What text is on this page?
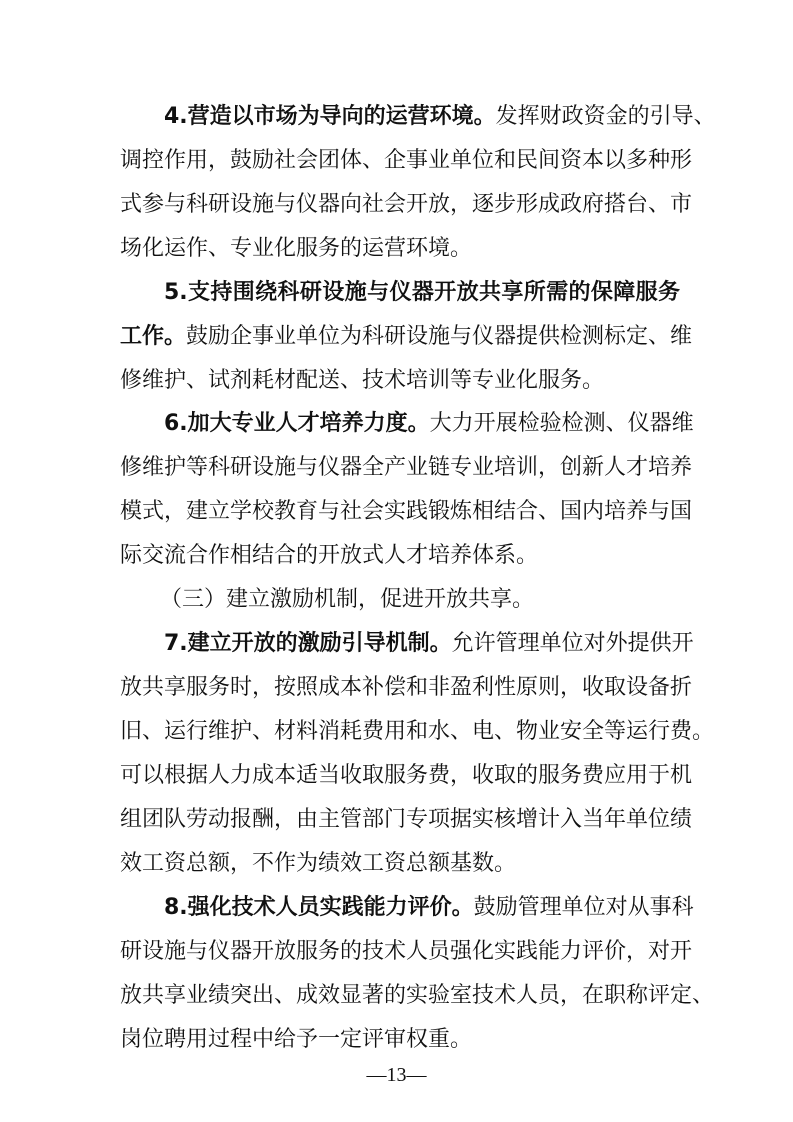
4.营造以市场为导向的运营环境。发挥财政资金的引导、
调控作用，鼓励社会团体、企事业单位和民间资本以多种形
式参与科研设施与仪器向社会开放，逐步形成政府搭台、市
场化运作、专业化服务的运营环境。
5.支持围绕科研设施与仪器开放共享所需的保障服务
工作。鼓励企事业单位为科研设施与仪器提供检测标定、维
修维护、试剂耗材配送、技术培训等专业化服务。
6.加大专业人才培养力度。大力开展检验检测、仪器维
修维护等科研设施与仪器全产业链专业培训，创新人才培养
模式，建立学校教育与社会实践锻炼相结合、国内培养与国
际交流合作相结合的开放式人才培养体系。
（三）建立激励机制，促进开放共享。
7.建立开放的激励引导机制。允许管理单位对外提供开
放共享服务时，按照成本补偿和非盈利性原则，收取设备折
旧、运行维护、材料消耗费用和水、电、物业安全等运行费。
可以根据人力成本适当收取服务费，收取的服务费应用于机
组团队劳动报酬，由主管部门专项据实核增计入当年单位绩
效工资总额，不作为绩效工资总额基数。
8.强化技术人员实践能力评价。鼓励管理单位对从事科
研设施与仪器开放服务的技术人员强化实践能力评价，对开
放共享业绩突出、成效显著的实验室技术人员，在职称评定、
岗位聘用过程中给予一定评审权重。
—13—
